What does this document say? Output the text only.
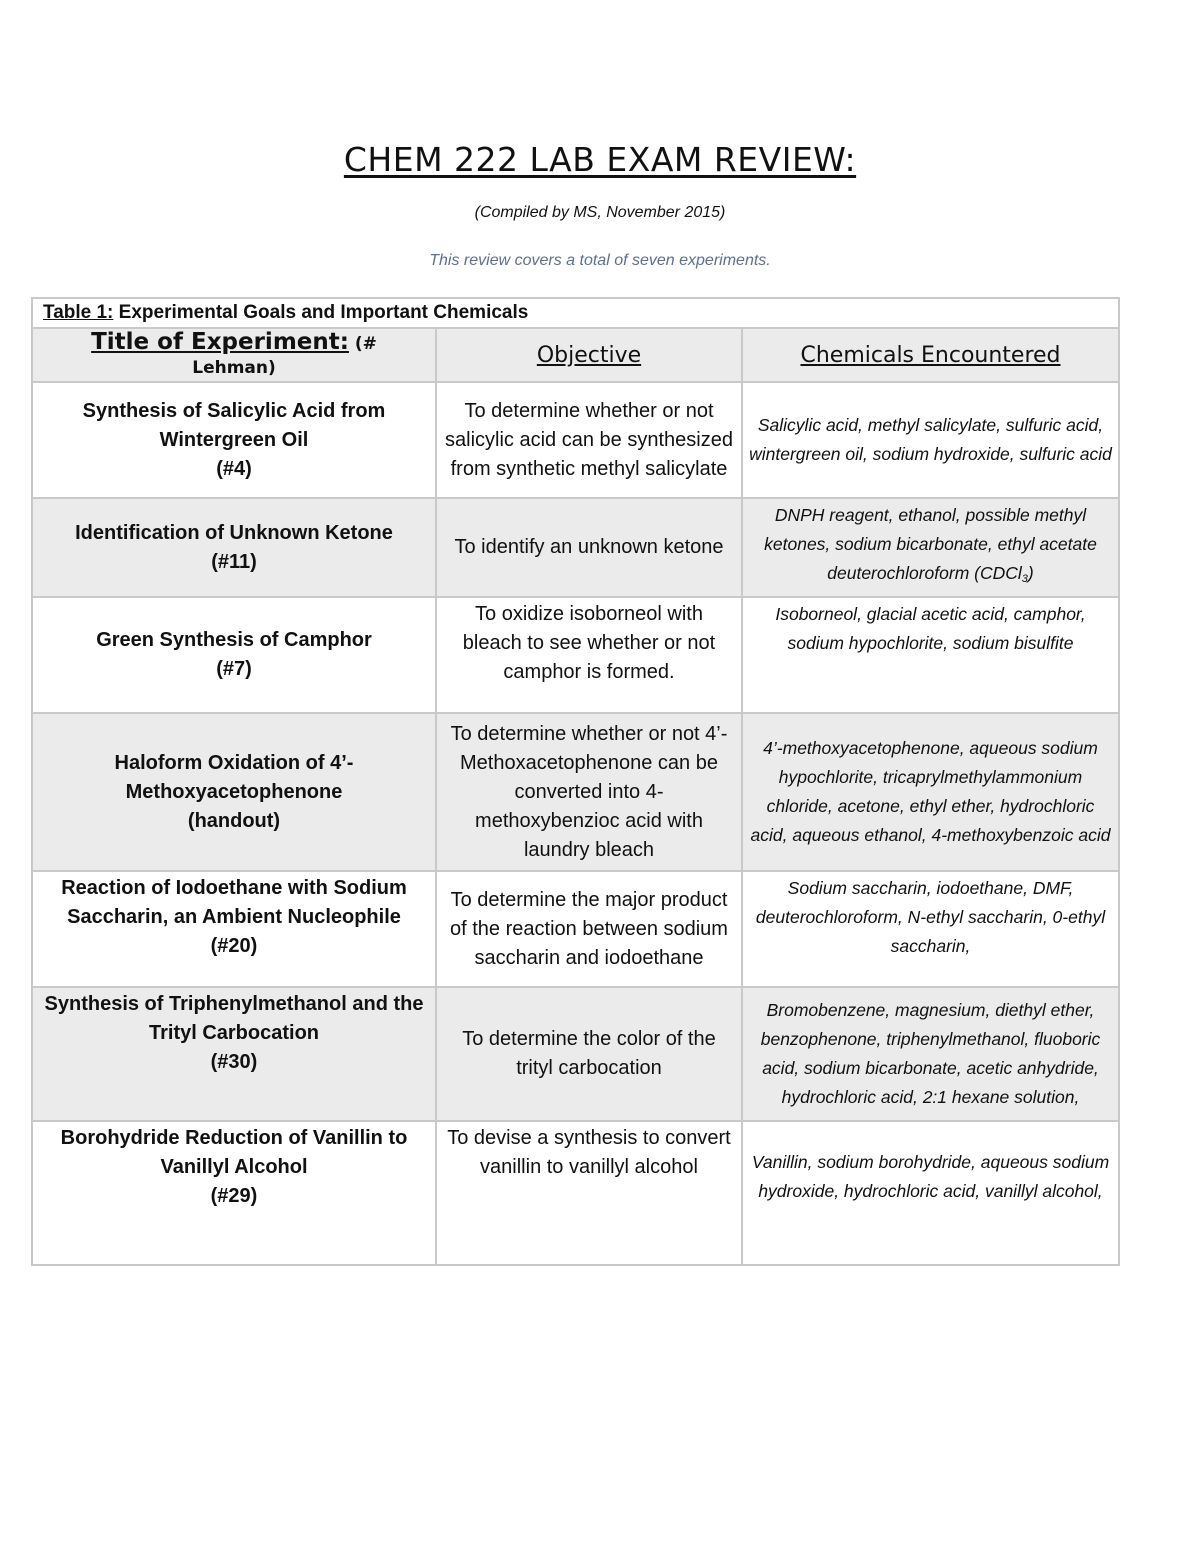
CHEM 222 LAB EXAM REVIEW:
(Compiled by MS, November 2015)
This review covers a total of seven experiments.
Table 1: Experimental Goals and Important Chemicals		
Title of Experiment: (#
Lehman)	Objective	Chemicals Encountered
Synthesis of Salicylic Acid from Wintergreen Oil
(#4)	To determine whether or not salicylic acid can be synthesized from synthetic methyl salicylate	Salicylic acid, methyl salicylate, sulfuric acid, wintergreen oil, sodium hydroxide, sulfuric acid
Identification of Unknown Ketone
(#11)	To identify an unknown ketone	DNPH reagent, ethanol, possible methyl ketones, sodium bicarbonate, ethyl acetate deuterochloroform (CDCl$_3$)
Green Synthesis of Camphor
(#7)	To oxidize isoborneol with bleach to see whether or not camphor is formed.	Isoborneol, glacial acetic acid, camphor, sodium hypochlorite, sodium bisulfite
Haloform Oxidation of 4’-Methoxyacetophenone
(handout)	To determine whether or not 4’-Methoxacetophenone can be converted into 4-methoxybenzioc acid with laundry bleach	4’-methoxyacetophenone, aqueous sodium hypochlorite, tricaprylmethylammonium chloride, acetone, ethyl ether, hydrochloric acid, aqueous ethanol, 4-methoxybenzoic acid
Reaction of Iodoethane with Sodium Saccharin, an Ambient Nucleophile
(#20)	To determine the major product of the reaction between sodium saccharin and iodoethane	Sodium saccharin, iodoethane, DMF, deuterochloroform, N-ethyl saccharin, 0-ethyl saccharin,
Synthesis of Triphenylmethanol and the Trityl Carbocation
(#30)	To determine the color of the trityl carbocation	Bromobenzene, magnesium, diethyl ether, benzophenone, triphenylmethanol, fluoboric acid, sodium bicarbonate, acetic anhydride, hydrochloric acid, 2:1 hexane solution,
Borohydride Reduction of Vanillin to Vanillyl Alcohol
(#29)	To devise a synthesis to convert vanillin to vanillyl alcohol	Vanillin, sodium borohydride, aqueous sodium hydroxide, hydrochloric acid, vanillyl alcohol,
